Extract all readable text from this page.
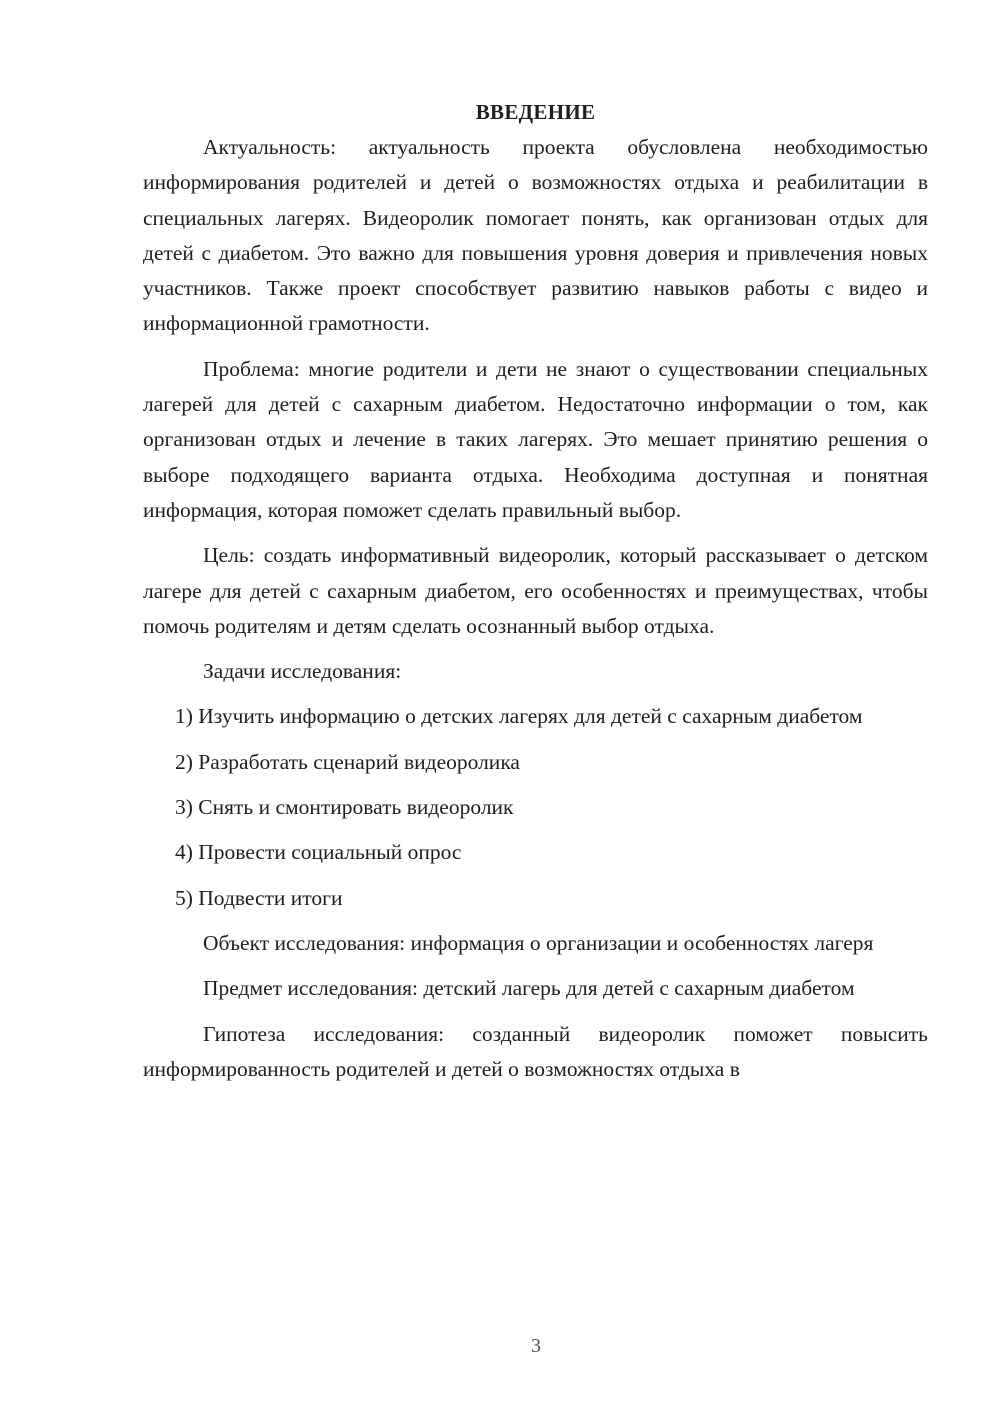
ВВЕДЕНИЕ

Актуальность: актуальность проекта обусловлена необходимостью информирования родителей и детей о возможностях отдыха и реабилитации в специальных лагерях. Видеоролик помогает понять, как организован отдых для детей с диабетом. Это важно для повышения уровня доверия и привлечения новых участников. Также проект способствует развитию навыков работы с видео и информационной грамотности.

Проблема: многие родители и дети не знают о существовании специальных лагерей для детей с сахарным диабетом. Недостаточно информации о том, как организован отдых и лечение в таких лагерях. Это мешает принятию решения о выборе подходящего варианта отдыха. Необходима доступная и понятная информация, которая поможет сделать правильный выбор.

Цель: создать информативный видеоролик, который рассказывает о детском лагере для детей с сахарным диабетом, его особенностях и преимуществах, чтобы помочь родителям и детям сделать осознанный выбор отдыха.

Задачи исследования:

1) Изучить информацию о детских лагерях для детей с сахарным диабетом

2) Разработать сценарий видеоролика

3) Снять и смонтировать видеоролик

4) Провести социальный опрос

5) Подвести итоги

Объект исследования: информация о организации и особенностях лагеря

Предмет исследования: детский лагерь для детей с сахарным диабетом

Гипотеза исследования: созданный видеоролик поможет повысить информированность родителей и детей о возможностях отдыха в

3
